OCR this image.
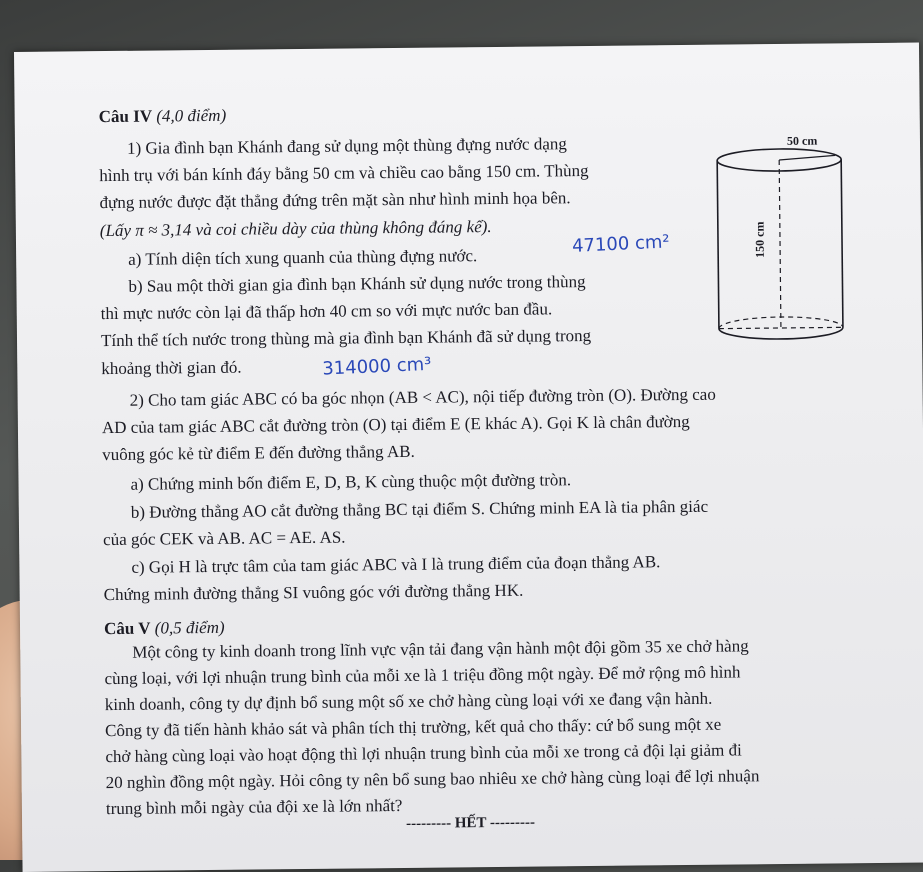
Câu IV (4,0 điểm)
1) Gia đình bạn Khánh đang sử dụng một thùng đựng nước dạng
hình trụ với bán kính đáy bằng 50 cm và chiều cao bằng 150 cm. Thùng
đựng nước được đặt thẳng đứng trên mặt sàn như hình minh họa bên.
(Lấy π ≈ 3,14 và coi chiều dày của thùng không đáng kể).
a) Tính diện tích xung quanh của thùng đựng nước.
47100 cm²
b) Sau một thời gian gia đình bạn Khánh sử dụng nước trong thùng
thì mực nước còn lại đã thấp hơn 40 cm so với mực nước ban đầu.
Tính thể tích nước trong thùng mà gia đình bạn Khánh đã sử dụng trong
khoảng thời gian đó.	314000 cm³
50 cm
150 cm
2) Cho tam giác ABC có ba góc nhọn (AB < AC), nội tiếp đường tròn (O). Đường cao
AD của tam giác ABC cắt đường tròn (O) tại điểm E (E khác A). Gọi K là chân đường
vuông góc kẻ từ điểm E đến đường thẳng AB.
a) Chứng minh bốn điểm E, D, B, K cùng thuộc một đường tròn.
b) Đường thẳng AO cắt đường thẳng BC tại điểm S. Chứng minh EA là tia phân giác
của góc CEK và AB. AC = AE. AS.
c) Gọi H là trực tâm của tam giác ABC và I là trung điểm của đoạn thẳng AB.
Chứng minh đường thẳng SI vuông góc với đường thẳng HK.
Câu V (0,5 điểm)
Một công ty kinh doanh trong lĩnh vực vận tải đang vận hành một đội gồm 35 xe chở hàng
cùng loại, với lợi nhuận trung bình của mỗi xe là 1 triệu đồng một ngày. Để mở rộng mô hình
kinh doanh, công ty dự định bổ sung một số xe chở hàng cùng loại với xe đang vận hành.
Công ty đã tiến hành khảo sát và phân tích thị trường, kết quả cho thấy: cứ bổ sung một xe
chở hàng cùng loại vào hoạt động thì lợi nhuận trung bình của mỗi xe trong cả đội lại giảm đi
20 nghìn đồng một ngày. Hỏi công ty nên bổ sung bao nhiêu xe chở hàng cùng loại để lợi nhuận
trung bình mỗi ngày của đội xe là lớn nhất?
--------- HẾT ---------
